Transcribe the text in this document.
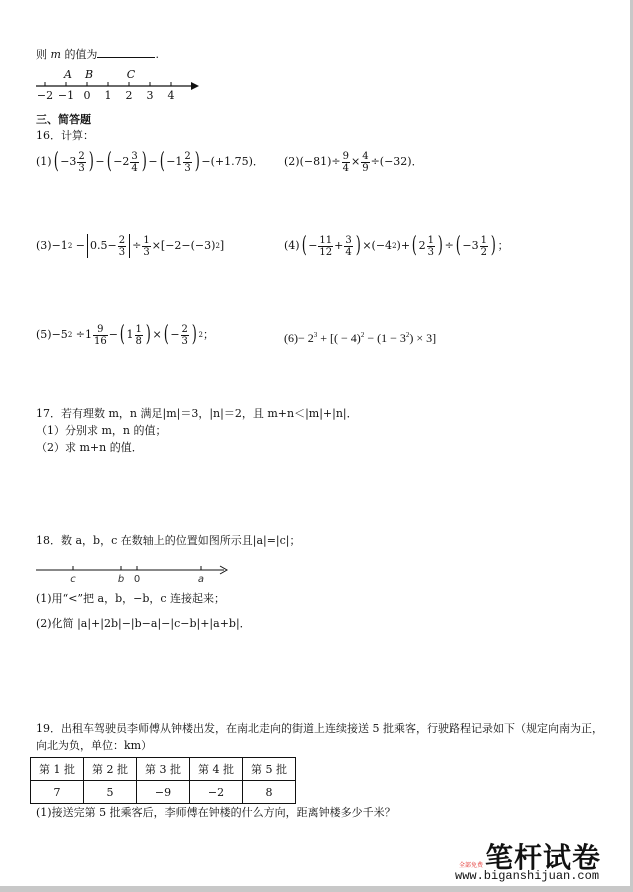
则 m 的值为	.
−2 −1 0 1 2 3 4
A B	C
三、简答题
16．计算：
(1) ( $-3 \frac{2}{3}$ ) − ( $-2 \frac{3}{4}$ ) − ( $-1 \frac{2}{3}$ ) −(+1.75)． (2) $(-81)\div \frac{9}{4} \times \frac{4}{9} \div(-32)$．
(3) −1 $2 - 0.5- \frac{2}{3} \div \frac{1}{3} \times[-2-(-3)$ 2 ]	(4) ( − $\frac{11}{12} + \frac{3}{4}$ ) ×(−4 2 )+ ( $2 \frac{1}{3}$ ) ÷ ( $-3 \frac{1}{2}$ ) ；
(5) −5 $2 \div 1 \frac{9}{16}$ − ( $1 \frac{1}{8}$ ) × ( − $\frac{2}{3}$ ) 2 ；	$(6)- 2^3$ + [( − $4)^2 - (1 - 3^2) \times 3$]
17．若有理数 m，n 满足|m|＝3，|n|＝2，且 m+n＜|m|+|n|．
（1）分别求 m，n 的值；
（2）求 m+n 的值．
18．数 a，b，c 在数轴上的位置如图所示且|a|=|c|；
c	b 0	a
(1)用“<”把 a，b，−b，c 连接起来；
(2)化简 |a|+|2b|−|b−a|−|c−b|+|a+b|．
19．出租车驾驶员李师傅从钟楼出发，在南北走向的街道上连续接送 5 批乘客，行驶路程记录如下（规定向南为正，
向北为负，单位：km）
第 1 批	第 2 批	第 3 批	第 4 批	第 5 批
7	5	−9	−2	8
(1)接送完第 5 批乘客后，李师傅在钟楼的什么方向，距离钟楼多少千米？
笔杆试卷
全部免费
www.biganshijuan.com
